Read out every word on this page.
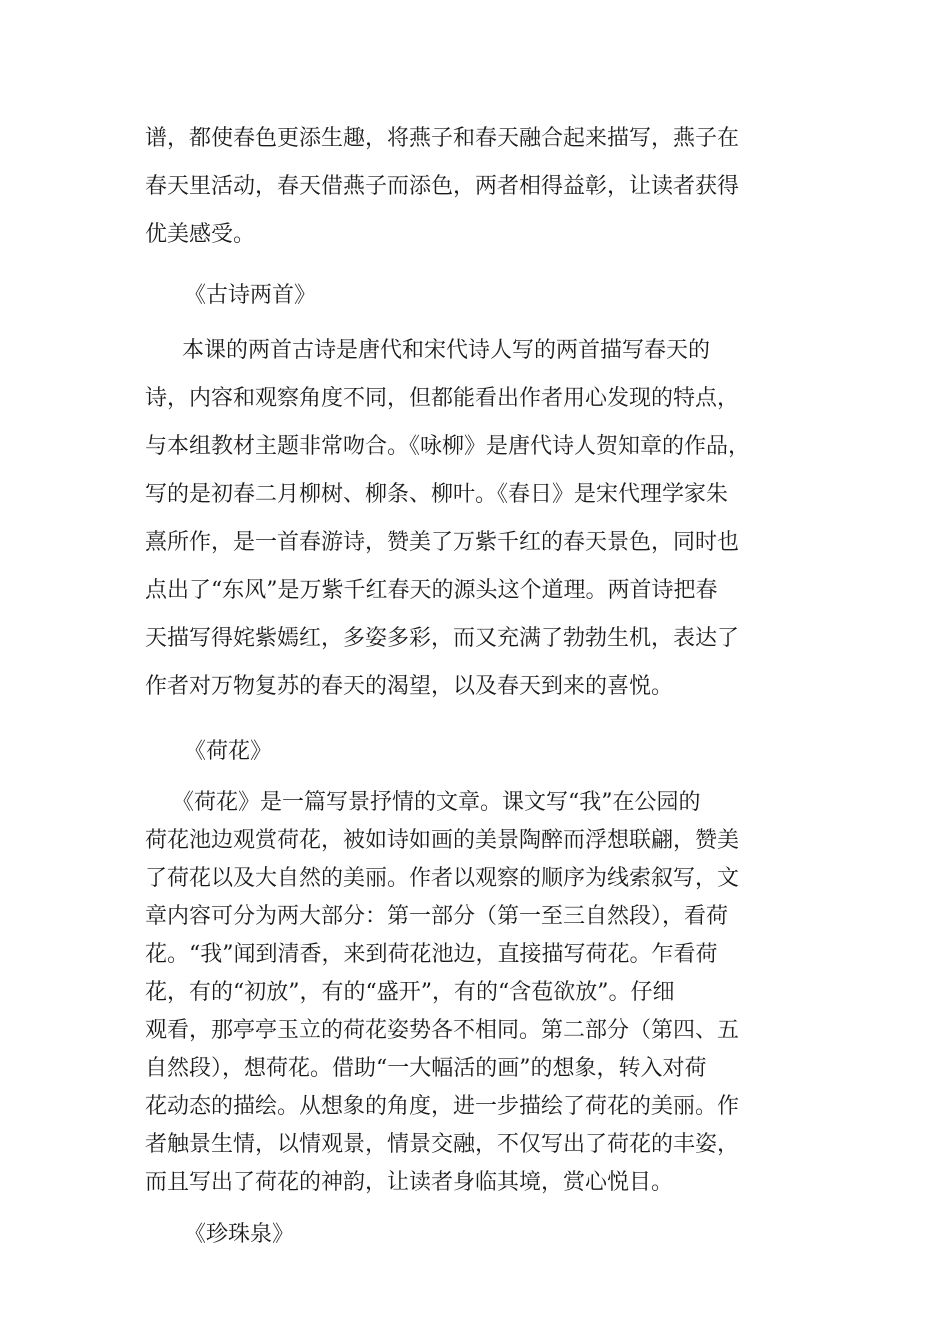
谱，都使春色更添生趣，将燕子和春天融合起来描写，燕子在
春天里活动，春天借燕子而添色，两者相得益彰，让读者获得
优美感受。
《古诗两首》
本课的两首古诗是唐代和宋代诗人写的两首描写春天的
诗，内容和观察角度不同，但都能看出作者用心发现的特点，
与本组教材主题非常吻合。《咏柳》是唐代诗人贺知章的作品，
写的是初春二月柳树、柳条、柳叶。《春日》是宋代理学家朱
熹所作，是一首春游诗，赞美了万紫千红的春天景色，同时也
点出了“东风”是万紫千红春天的源头这个道理。两首诗把春
天描写得姹紫嫣红，多姿多彩，而又充满了勃勃生机，表达了
作者对万物复苏的春天的渴望，以及春天到来的喜悦。
《荷花》
《荷花》是一篇写景抒情的文章。课文写“我”在公园的
荷花池边观赏荷花，被如诗如画的美景陶醉而浮想联翩，赞美
了荷花以及大自然的美丽。作者以观察的顺序为线索叙写，文
章内容可分为两大部分：第一部分（第一至三自然段），看荷
花。“我”闻到清香，来到荷花池边，直接描写荷花。乍看荷
花，有的“初放”，有的“盛开”，有的“含苞欲放”。仔细
观看，那亭亭玉立的荷花姿势各不相同。第二部分（第四、五
自然段），想荷花。借助“一大幅活的画”的想象，转入对荷
花动态的描绘。从想象的角度，进一步描绘了荷花的美丽。作
者触景生情，以情观景，情景交融，不仅写出了荷花的丰姿，
而且写出了荷花的神韵，让读者身临其境，赏心悦目。
《珍珠泉》
